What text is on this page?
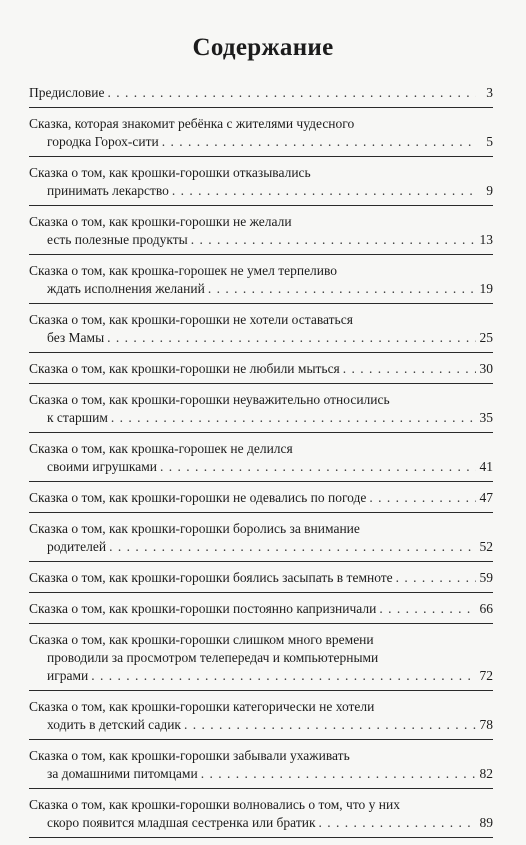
Содержание
Предисловие . . .	3
Сказка, которая знакомит ребёнка с жителями чудесного
городка Горох-сити . . .	5
Сказка о том, как крошки-горошки отказывались
принимать лекарство . . .	9
Сказка о том, как крошки-горошки не желали
есть полезные продукты . . .	13
Сказка о том, как крошка-горошек не умел терпеливо
ждать исполнения желаний . . .	19
Сказка о том, как крошки-горошки не хотели оставаться
без Мамы . . .	25
Сказка о том, как крошки-горошки не любили мыться . . .	30
Сказка о том, как крошки-горошки неуважительно относились
к старшим . . .	35
Сказка о том, как крошка-горошек не делился
своими игрушками . . .	41
Сказка о том, как крошки-горошки не одевались по погоде . . .	47
Сказка о том, как крошки-горошки боролись за внимание
родителей . . .	52
Сказка о том, как крошки-горошки боялись засыпать в темноте . . .	59
Сказка о том, как крошки-горошки постоянно капризничали . . .	66
Сказка о том, как крошки-горошки слишком много времени
проводили за просмотром телепередач и компьютерными
играми . . .	72
Сказка о том, как крошки-горошки категорически не хотели
ходить в детский садик . . .	78
Сказка о том, как крошки-горошки забывали ухаживать
за домашними питомцами . . .	82
Сказка о том, как крошки-горошки волновались о том, что у них
скоро появится младшая сестренка или братик . . .	89
